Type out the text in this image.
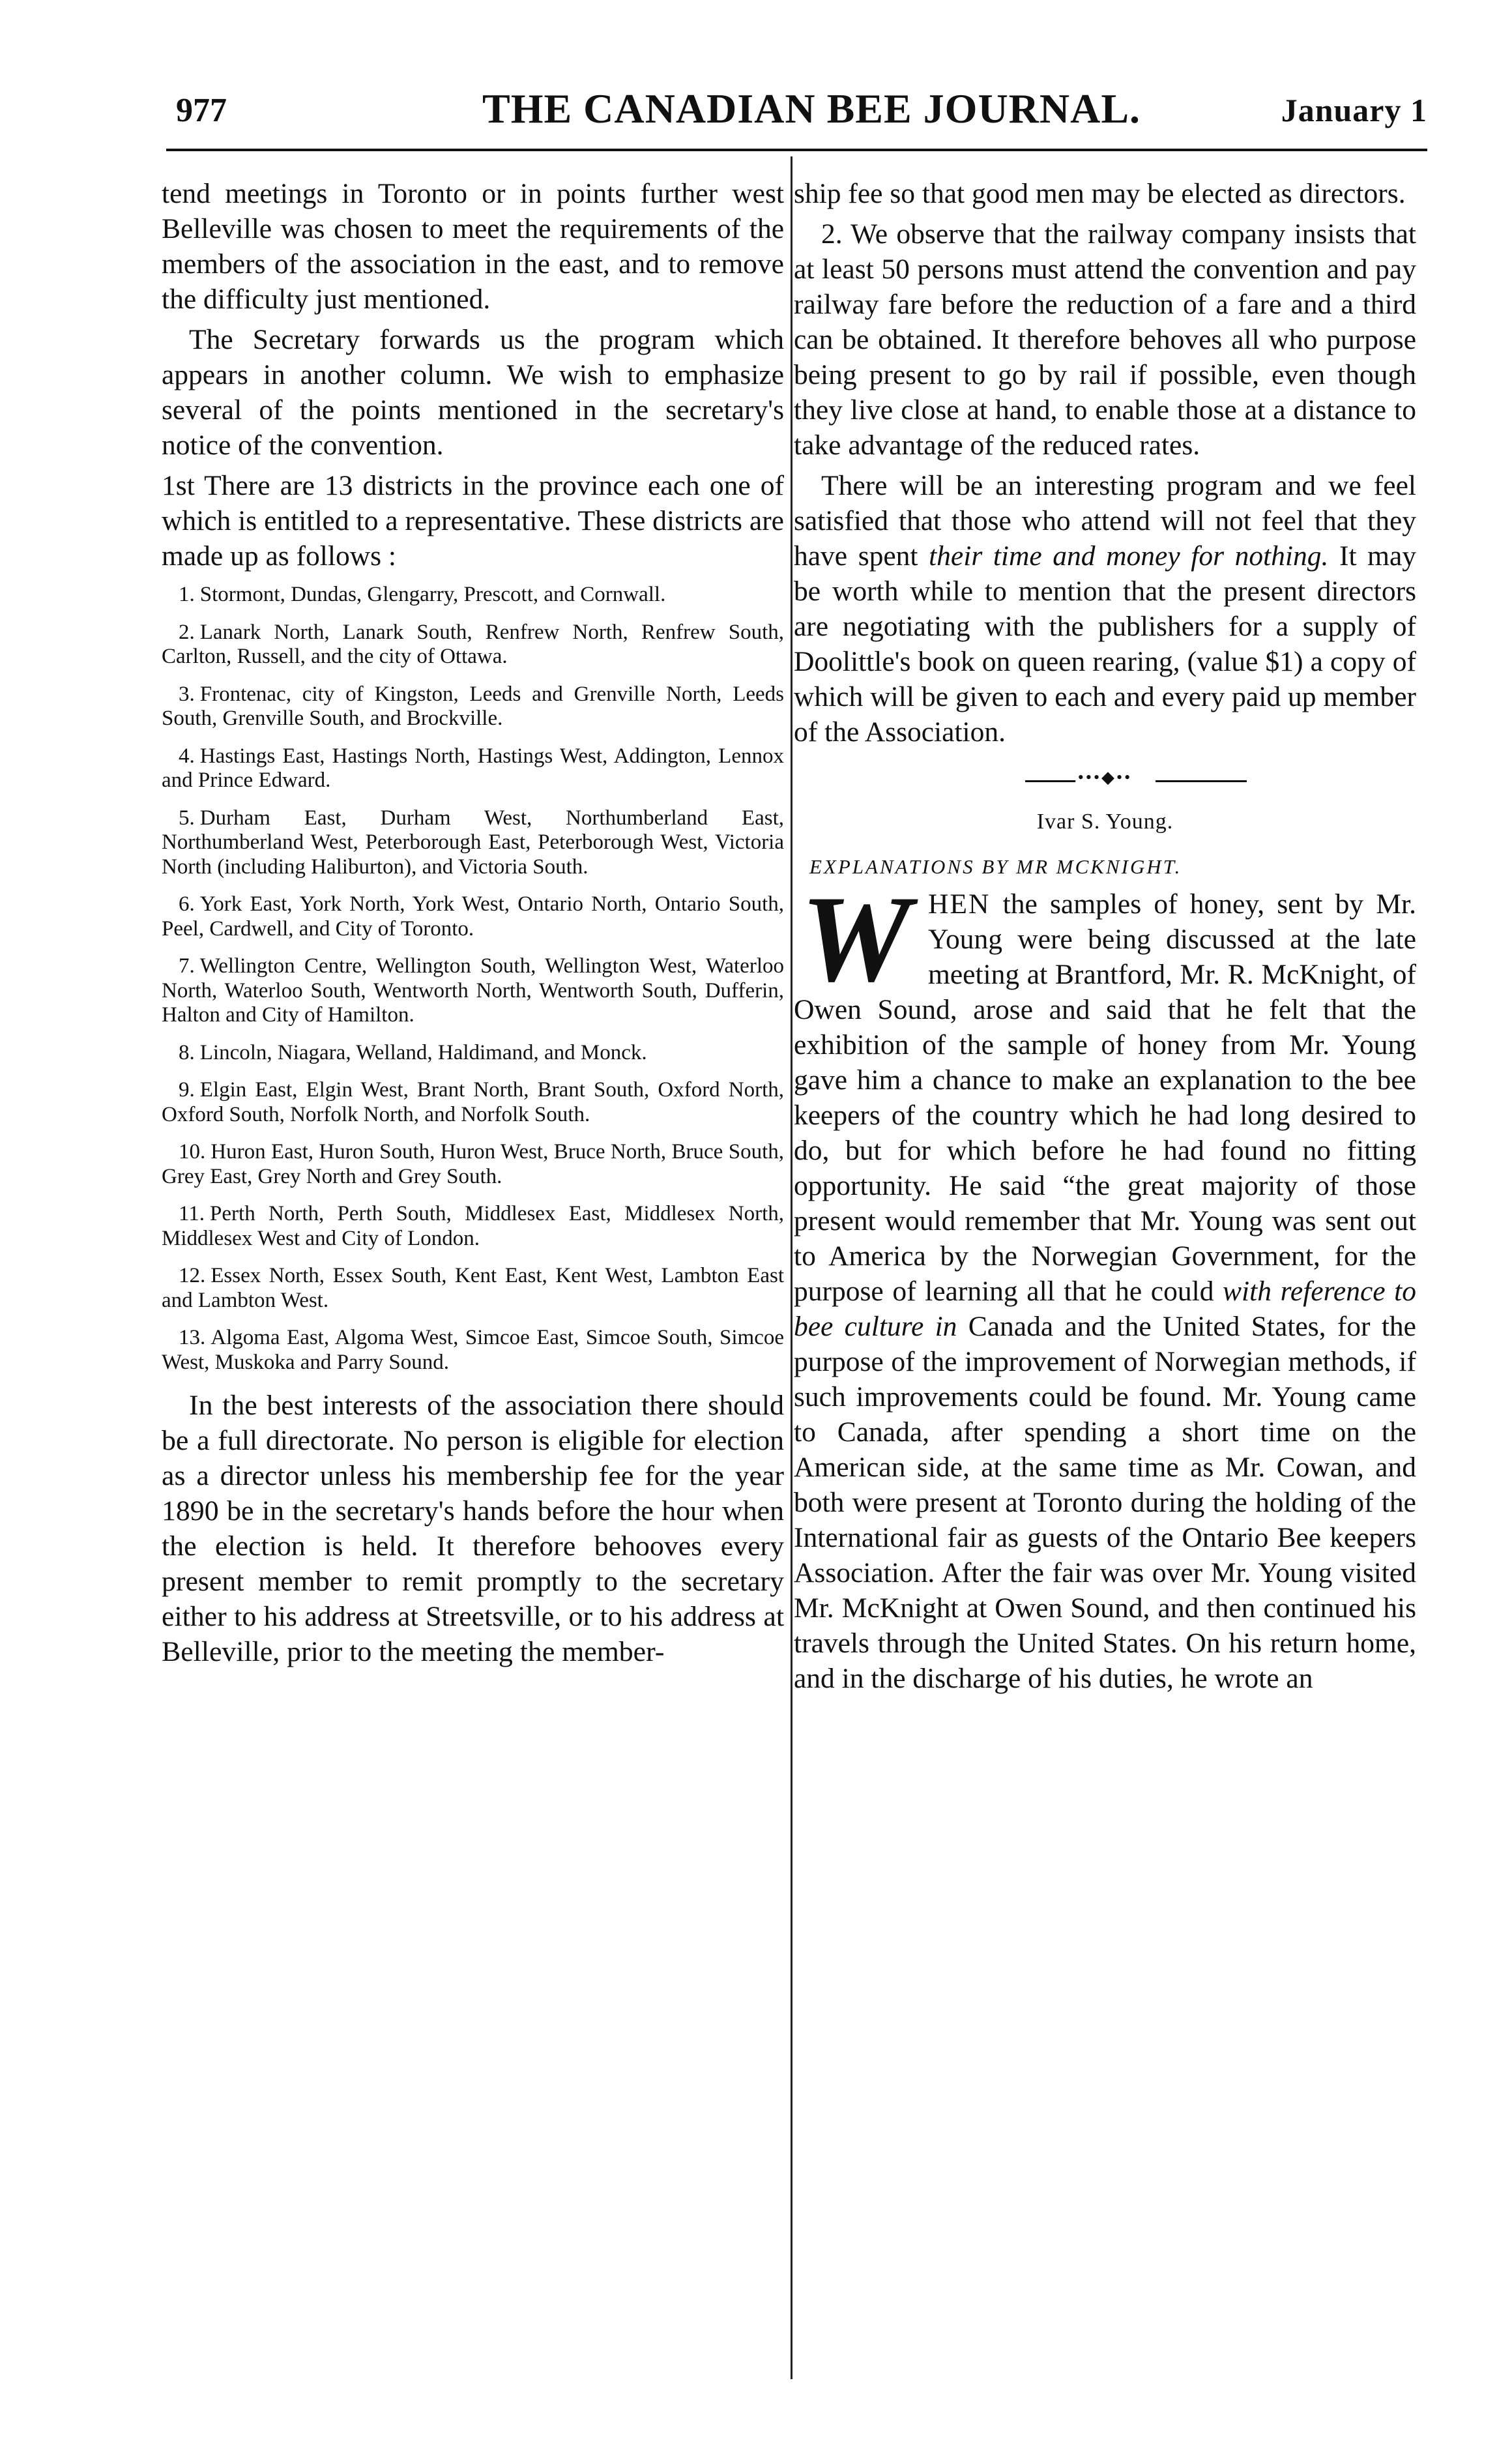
977	THE CANADIAN BEE JOURNAL.	January 1

tend meetings in Toronto or in points further west Belleville was chosen to meet the requirements of the members of the association in the east, and to remove the difficulty just mentioned.

The Secretary forwards us the program which appears in another column. We wish to emphasize several of the points mentioned in the secretary's notice of the convention.

1st There are 13 districts in the province each one of which is entitled to a representative. These districts are made up as follows :

1. Stormont, Dundas, Glengarry, Prescott, and Cornwall.
2. Lanark North, Lanark South, Renfrew North, Renfrew South, Carlton, Russell, and the city of Ottawa.
3. Frontenac, city of Kingston, Leeds and Grenville North, Leeds South, Grenville South, and Brockville.
4. Hastings East, Hastings North, Hastings West, Addington, Lennox and Prince Edward.
5. Durham East, Durham West, Northumberland East, Northumberland West, Peterborough East, Peterborough West, Victoria North (including Haliburton), and Victoria South.
6. York East, York North, York West, Ontario North, Ontario South, Peel, Cardwell, and City of Toronto.
7. Wellington Centre, Wellington South, Wellington West, Waterloo North, Waterloo South, Wentworth North, Wentworth South, Dufferin, Halton and City of Hamilton.
8. Lincoln, Niagara, Welland, Haldimand, and Monck.
9. Elgin East, Elgin West, Brant North, Brant South, Oxford North, Oxford South, Norfolk North, and Norfolk South.
10. Huron East, Huron South, Huron West, Bruce North, Bruce South, Grey East, Grey North and Grey South.
11. Perth North, Perth South, Middlesex East, Middlesex North, Middlesex West and City of London.
12. Essex North, Essex South, Kent East, Kent West, Lambton East and Lambton West.
13. Algoma East, Algoma West, Simcoe East, Simcoe South, Simcoe West, Muskoka and Parry Sound.

In the best interests of the association there should be a full directorate. No person is eligible for election as a director unless his membership fee for the year 1890 be in the secretary's hands before the hour when the election is held. It therefore behooves every present member to remit promptly to the secretary either to his address at Streetsville, or to his address at Belleville, prior to the meeting the member-

ship fee so that good men may be elected as directors.

2. We observe that the railway company insists that at least 50 persons must attend the convention and pay railway fare before the reduction of a fare and a third can be obtained. It therefore behoves all who purpose being present to go by rail if possible, even though they live close at hand, to enable those at a distance to take advantage of the reduced rates.

There will be an interesting program and we feel satisfied that those who attend will not feel that they have spent their time and money for nothing. It may be worth while to mention that the present directors are negotiating with the publishers for a supply of Doolittle's book on queen rearing, (value $1) a copy of which will be given to each and every paid up member of the Association.

•••◆••
Ivar S. Young.
EXPLANATIONS BY MR MCKNIGHT.
W HEN the samples of honey, sent by Mr. Young were being discussed at the late meeting at Brantford, Mr. R. McKnight, of Owen Sound, arose and said that he felt that the exhibition of the sample of honey from Mr. Young gave him a chance to make an explanation to the bee keepers of the country which he had long desired to do, but for which before he had found no fitting opportunity. He said “the great majority of those present would remember that Mr. Young was sent out to America by the Norwegian Government, for the purpose of learning all that he could with reference to bee culture in Canada and the United States, for the purpose of the improvement of Norwegian methods, if such improvements could be found. Mr. Young came to Canada, after spending a short time on the American side, at the same time as Mr. Cowan, and both were present at Toronto during the holding of the International fair as guests of the Ontario Bee keepers Association. After the fair was over Mr. Young visited Mr. McKnight at Owen Sound, and then continued his travels through the United States. On his return home, and in the discharge of his duties, he wrote an
